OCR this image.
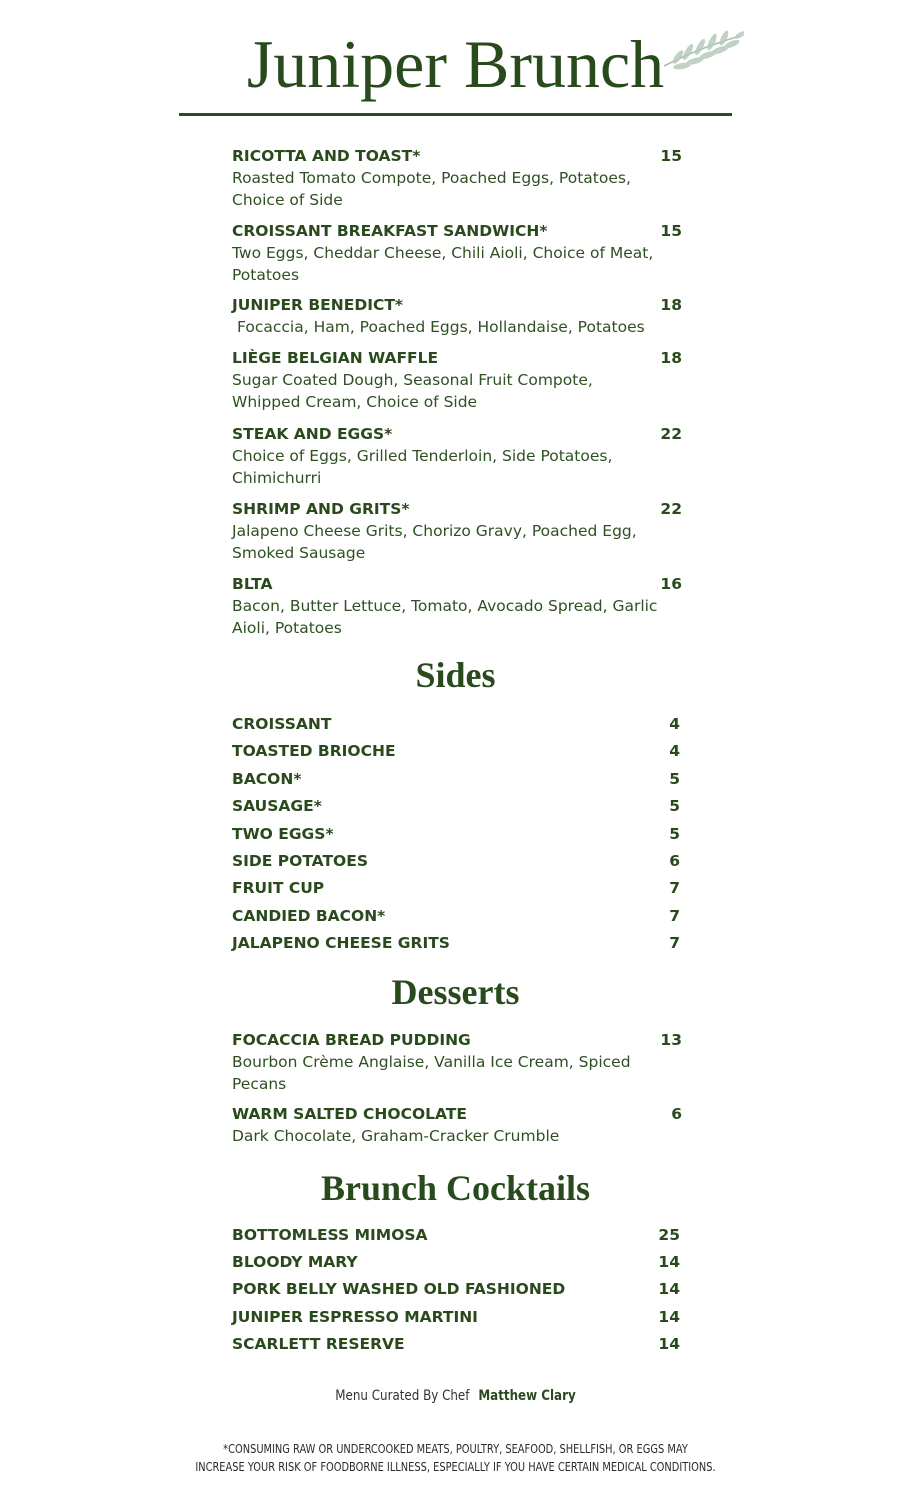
Juniper Brunch
RICOTTA AND TOAST*	15
Roasted Tomato Compote, Poached Eggs, Potatoes, Choice of Side
CROISSANT BREAKFAST SANDWICH*	15
Two Eggs, Cheddar Cheese, Chili Aioli, Choice of Meat, Potatoes
JUNIPER BENEDICT*	18
Focaccia, Ham, Poached Eggs, Hollandaise, Potatoes
LIÈGE BELGIAN WAFFLE	18
Sugar Coated Dough, Seasonal Fruit Compote, Whipped Cream, Choice of Side
STEAK AND EGGS*	22
Choice of Eggs, Grilled Tenderloin, Side Potatoes, Chimichurri
SHRIMP AND GRITS*	22
Jalapeno Cheese Grits, Chorizo Gravy, Poached Egg, Smoked Sausage
BLTA	16
Bacon, Butter Lettuce, Tomato, Avocado Spread, Garlic Aioli, Potatoes
Sides
CROISSANT	4
TOASTED BRIOCHE	4
BACON*	5
SAUSAGE*	5
TWO EGGS*	5
SIDE POTATOES	6
FRUIT CUP	7
CANDIED BACON*	7
JALAPENO CHEESE GRITS	7
Desserts
FOCACCIA BREAD PUDDING	13
Bourbon Crème Anglaise, Vanilla Ice Cream, Spiced Pecans
WARM SALTED CHOCOLATE	6
Dark Chocolate, Graham-Cracker Crumble
Brunch Cocktails
BOTTOMLESS MIMOSA	25
BLOODY MARY	14
PORK BELLY WASHED OLD FASHIONED	14
JUNIPER ESPRESSO MARTINI	14
SCARLETT RESERVE	14
Menu Curated By Chef Matthew Clary
*CONSUMING RAW OR UNDERCOOKED MEATS, POULTRY, SEAFOOD, SHELLFISH, OR EGGS MAY
INCREASE YOUR RISK OF FOODBORNE ILLNESS, ESPECIALLY IF YOU HAVE CERTAIN MEDICAL CONDITIONS.
